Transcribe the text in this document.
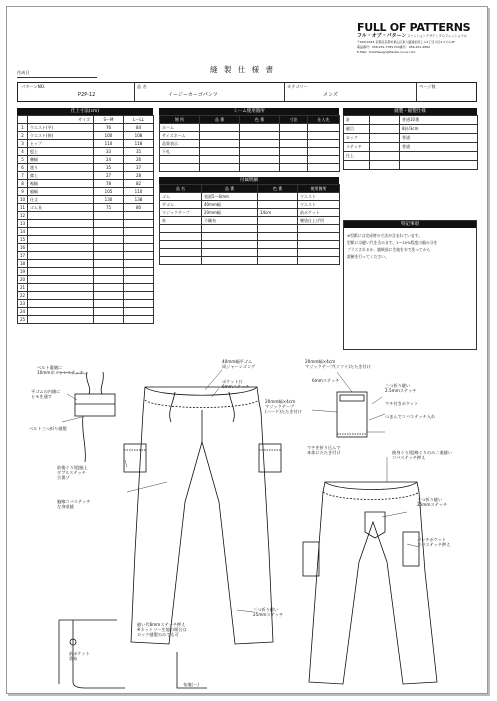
FULL OF PATTERNS
フル・オブ・パターン ファッションデザインプロフェッショナル
〒600-0323 京都府京都市東山区東大路通松原上ル2丁目４区3-1ビル2F
電話番号：056-251-7785 FAX番号：056-251-2882
E-Mail：fullofdesign@flarets.co.ne.com
縫 製 仕 様 書
作成日
パターンNO.
P2P-12
品 名
イージーカーゴパンツ
カテゴリー
メンズ
ページ数
仕上寸法(cm)
	サイズ	S～M	L～LL
1	ウエスト(平)	76	84
2	ウエスト(伸)	100	108
3	ヒップ	110	118
4	股上	33	35
5	腰幅	24	26
6	渡り	35	37
7	膝上	27	28
8	裾幅	78	82
9	脇幅	105	110
10	仕丈	130	138
11	ゴム長	75	80
12			
13			
14			
15			
16			
17			
18			
19			
20			
21			
22			
23			
24			
25			
ミーム使用箇所
箇 所	品 番	色 番	寸法	仕入先
ホーム				
サイズネーム				
品質表示				
下札				

付属明細
品 名	品 番	色 番	使用箇所
ゴム	表面5～6mm		ウエスト
平ゴム	40mm幅		ウエスト
マジックテープ	20mm幅	14cm	前ポケット
糸	不織布		腰袋仕上げ用

縫製・縫製仕様
針		普通10番
縫目		8針/3cm
ロック		普通
ステッチ		普通
仕上		

特記事項
※型紙には完成時の寸法が含まれています。
型紙には縫い代を含みます。1～10%程度の縮み分を
プラスされるか、縮絨前に生地を水で洗ってから
裁断を行ってください。
ベルト裏側に
10mm巾ミシンステッチ
平ゴムの内側に
ヒモを通す
ベルト三つ折り縫製
40mm幅平ゴム
両ジャーンゴング
ポケット口
6mmステッチ
20mm幅×4cm
マジックテープ(ソフト)たたき付け
6mmステッチ
三つ折り縫い
2.5mmステッチ
マチ付きポケット
つまんでコバステッチ入れ
20mm幅×4cm
マジックテープ
(ハード)たたき付け
マチを折り込んで
本体にたたき付け
前後ぐり/股脇上
ダブルステッチ
合番ゾ
脇線コバステッチ
左身頃縫
後身ぐり/股線ぐりのみ二重縫い
コバステッチ押え
三つ折り縫い
25mmステッチ
パッチポケット
コバステッチ押え
三つ折り縫い
25mmステッチ
前ポケット
袋布
縫い代6mmステッチ押え
※ネットソー生地の場合は
ロック縫製のみでも可
布地(ー)
